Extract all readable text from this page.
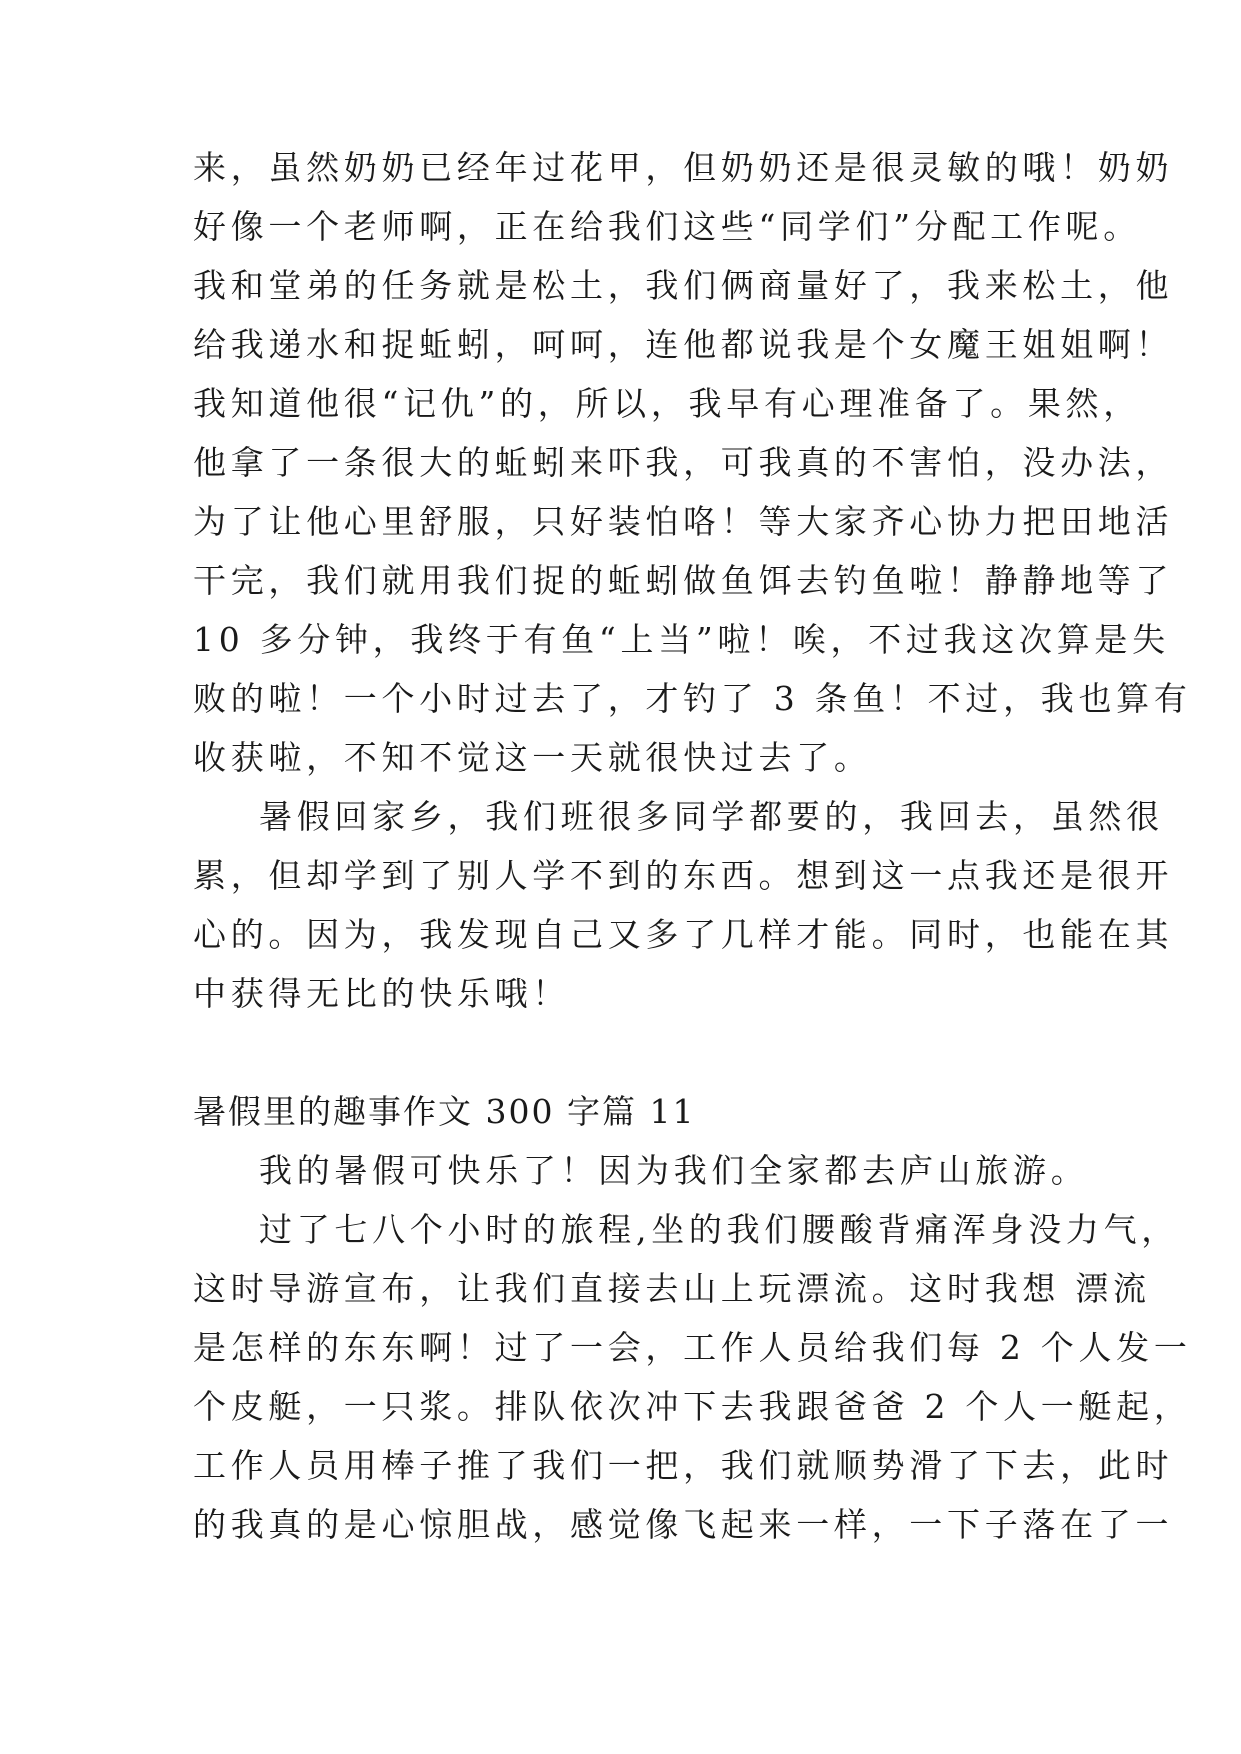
来，虽然奶奶已经年过花甲，但奶奶还是很灵敏的哦！奶奶
好像一个老师啊，正在给我们这些“同学们”分配工作呢。
我和堂弟的任务就是松土，我们俩商量好了，我来松土，他
给我递水和捉蚯蚓，呵呵，连他都说我是个女魔王姐姐啊！
我知道他很“记仇”的，所以，我早有心理准备了。果然，
他拿了一条很大的蚯蚓来吓我，可我真的不害怕，没办法，
为了让他心里舒服，只好装怕咯！等大家齐心协力把田地活
干完，我们就用我们捉的蚯蚓做鱼饵去钓鱼啦！静静地等了
10 多分钟，我终于有鱼“上当”啦！唉，不过我这次算是失
败的啦！一个小时过去了，才钓了 3 条鱼！不过，我也算有
收获啦，不知不觉这一天就很快过去了。
暑假回家乡，我们班很多同学都要的，我回去，虽然很
累，但却学到了别人学不到的东西。想到这一点我还是很开
心的。因为，我发现自己又多了几样才能。同时，也能在其
中获得无比的快乐哦！
暑假里的趣事作文 300 字篇 11
我的暑假可快乐了！因为我们全家都去庐山旅游。
过了七八个小时的旅程,坐的我们腰酸背痛浑身没力气，
这时导游宣布，让我们直接去山上玩漂流。这时我想 漂流
是怎样的东东啊！过了一会，工作人员给我们每 2 个人发一
个皮艇，一只浆。排队依次冲下去我跟爸爸 2 个人一艇起，
工作人员用棒子推了我们一把，我们就顺势滑了下去，此时
的我真的是心惊胆战，感觉像飞起来一样，一下子落在了一
